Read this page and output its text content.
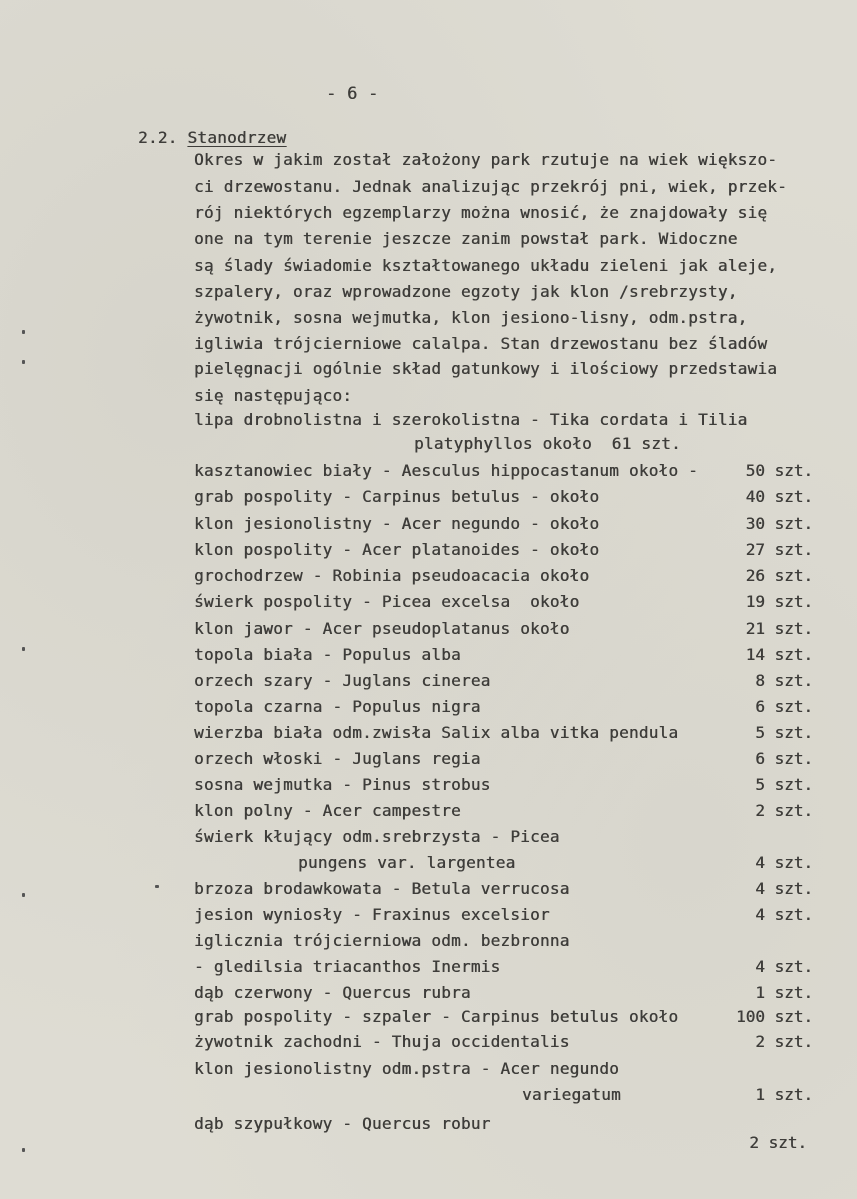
- 6 -
2.2. Stanodrzew
Okres w jakim został założony park rzutuje na wiek większo-
ci drzewostanu. Jednak analizując przekrój pni, wiek, przek-
rój niektórych egzemplarzy można wnosić, że znajdowały się
one na tym terenie jeszcze zanim powstał park. Widoczne
są ślady świadomie kształtowanego układu zieleni jak aleje,
szpalery, oraz wprowadzone egzoty jak klon /srebrzysty,
żywotnik, sosna wejmutka, klon jesiono-lisny, odm.pstra,
igliwia trójcierniowe calalpa. Stan drzewostanu bez śladów
pielęgnacji ogólnie skład gatunkowy i ilościowy przedstawia
się następująco:
lipa drobnolistna i szerokolistna - Tika cordata i Tilia
platyphyllos około  61 szt.
kasztanowiec biały - Aesculus hippocastanum około -	50 szt.
grab pospolity - Carpinus betulus - około	40 szt.
klon jesionolistny - Acer negundo - około	30 szt.
klon pospolity - Acer platanoides - około	27 szt.
grochodrzew - Robinia pseudoacacia około	26 szt.
świerk pospolity - Picea excelsa  około	19 szt.
klon jawor - Acer pseudoplatanus około	21 szt.
topola biała - Populus alba	14 szt.
orzech szary - Juglans cinerea	8 szt.
topola czarna - Populus nigra	6 szt.
wierzba biała odm.zwisła Salix alba vitka pendula	5 szt.
orzech włoski - Juglans regia	6 szt.
sosna wejmutka - Pinus strobus	5 szt.
klon polny - Acer campestre	2 szt.
świerk kłujący odm.srebrzysta - Picea
pungens var. largentea	4 szt.
brzoza brodawkowata - Betula verrucosa	4 szt.
jesion wyniosły - Fraxinus excelsior	4 szt.
iglicznia trójcierniowa odm. bezbronna
- gledilsia triacanthos Inermis	4 szt.
dąb czerwony - Quercus rubra	1 szt.
grab pospolity - szpaler - Carpinus betulus około	100 szt.
żywotnik zachodni - Thuja occidentalis	2 szt.
klon jesionolistny odm.pstra - Acer negundo
variegatum	1 szt.
dąb szypułkowy - Quercus robur
2 szt.
